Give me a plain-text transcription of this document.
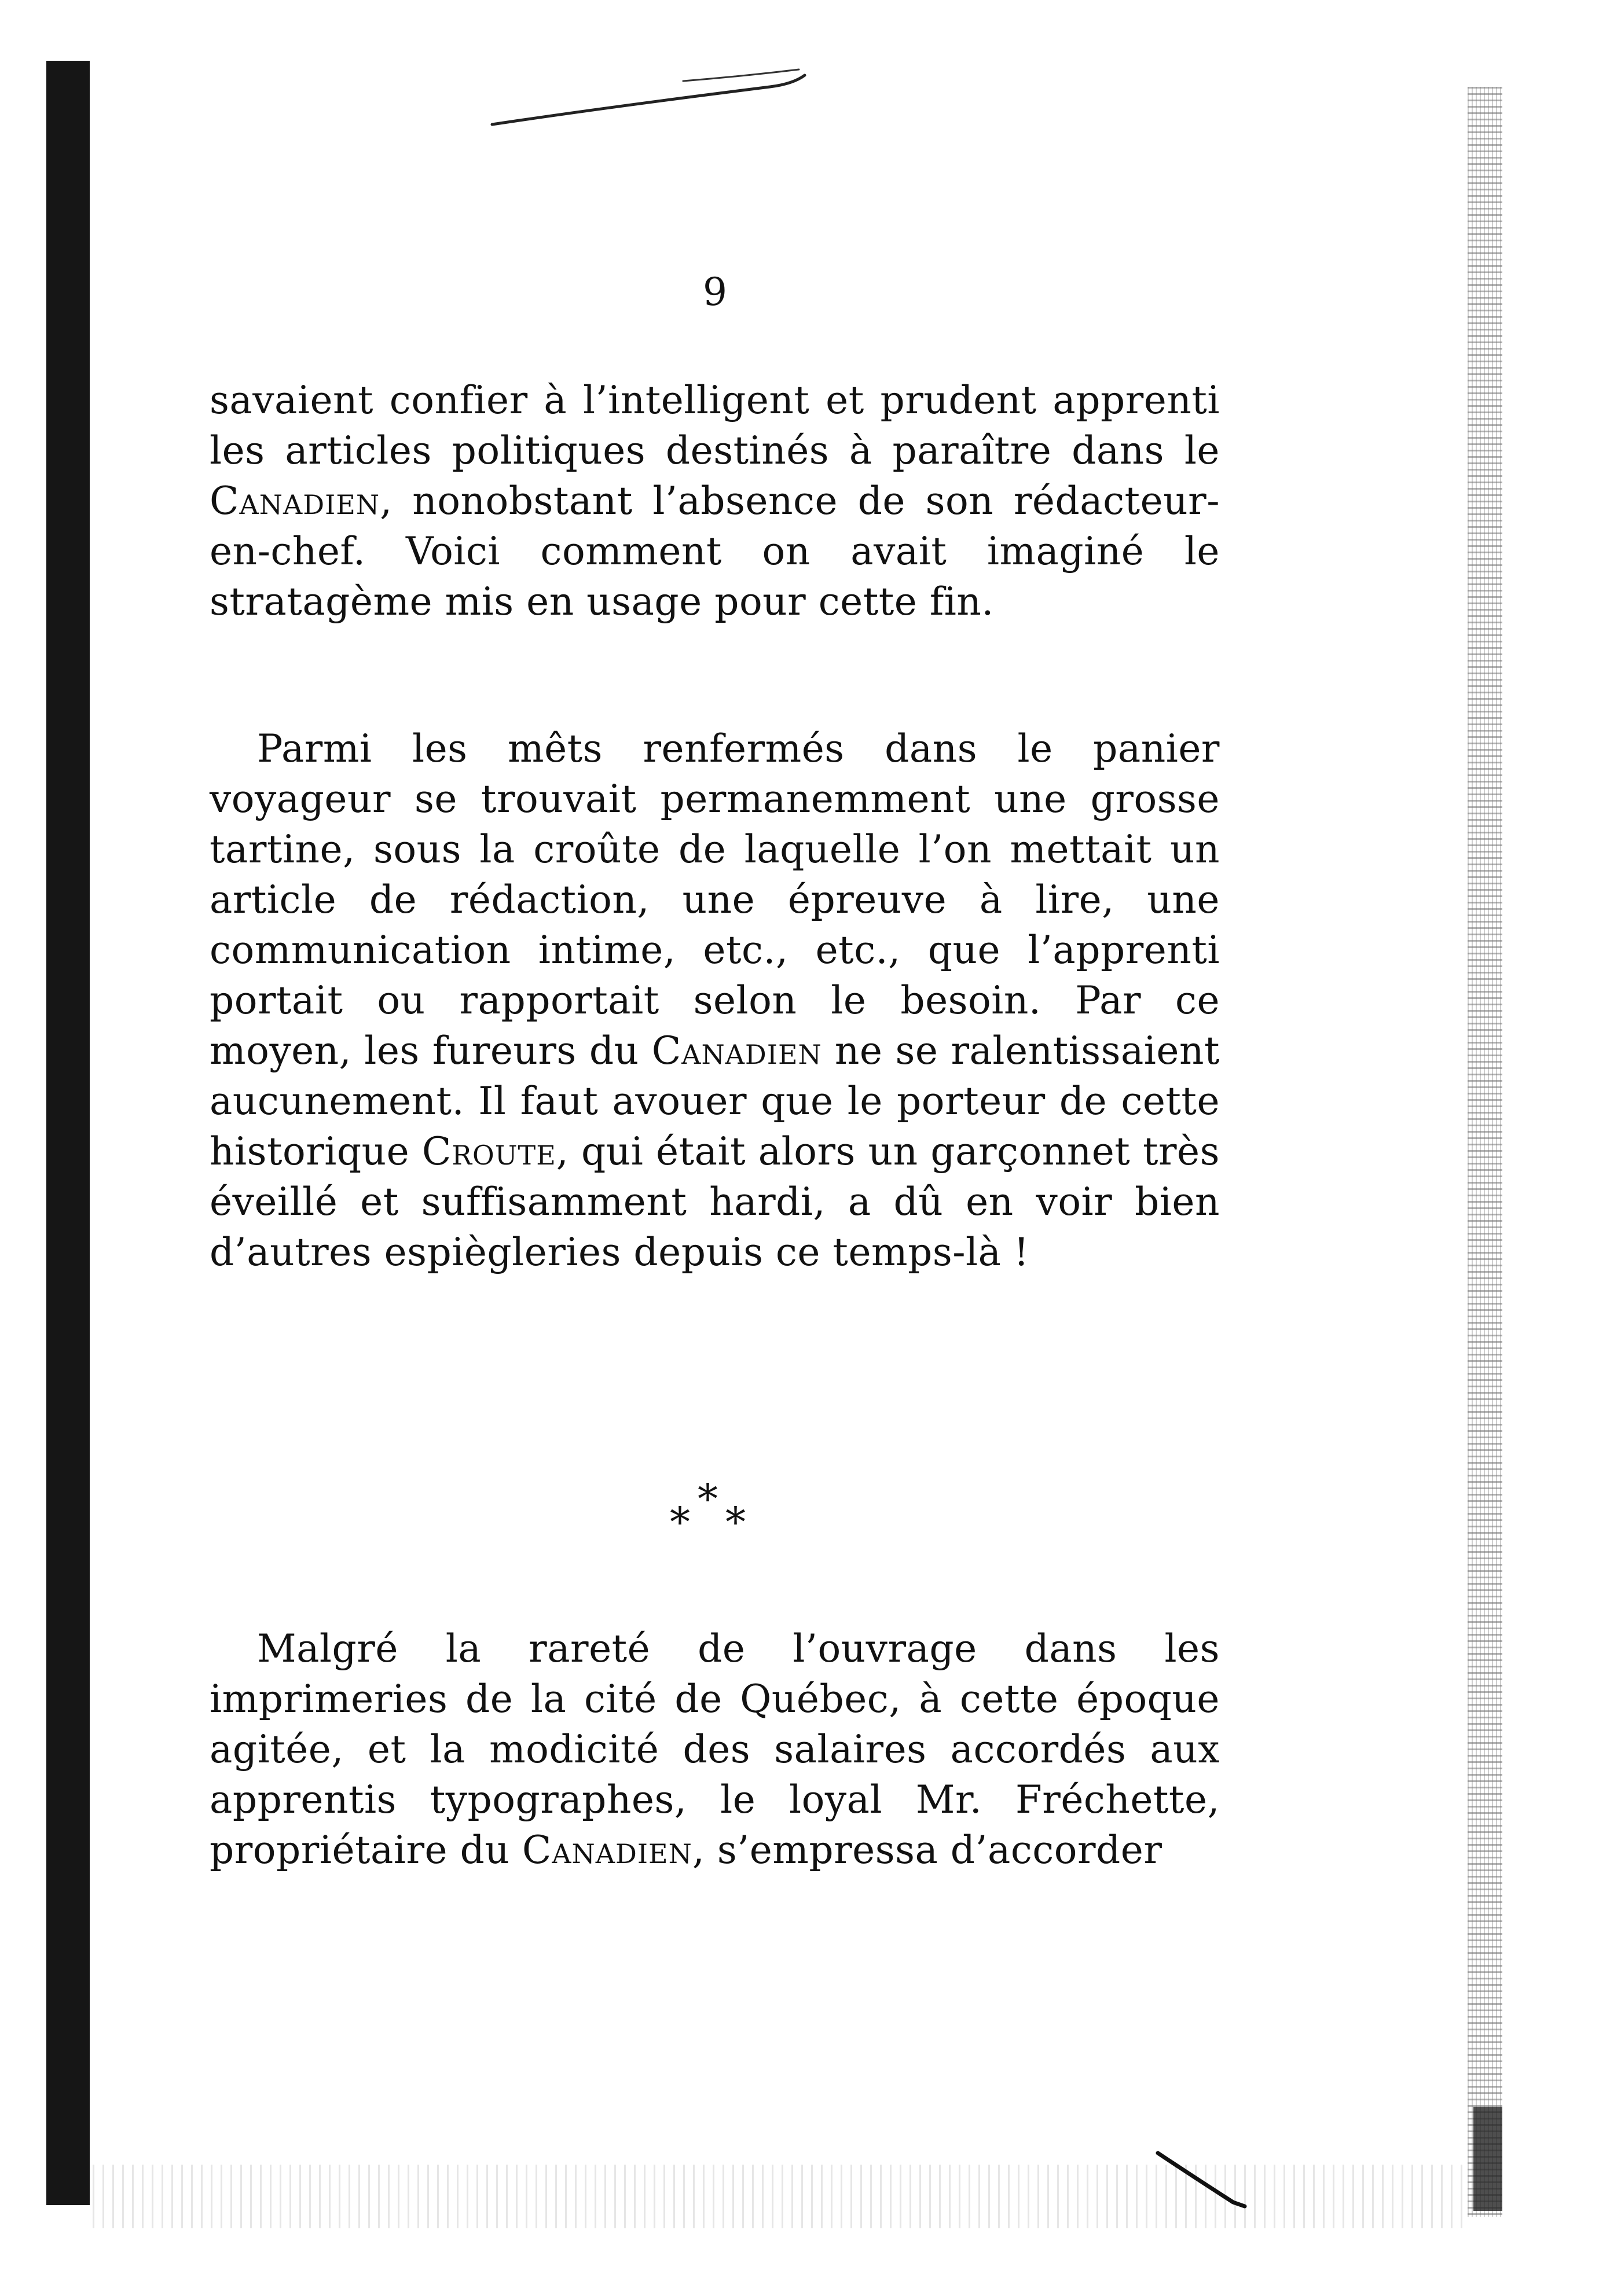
9

savaient confier à l’intelligent et prudent apprenti les articles politiques destinés à paraître dans le Canadien, nonobstant l’absence de son rédacteur-en-chef. Voici comment on avait imaginé le stratagème mis en usage pour cette fin.

Parmi les mêts renfermés dans le panier voyageur se trouvait permanemment une grosse tartine, sous la croûte de laquelle l’on mettait un article de rédaction, une épreuve à lire, une communication intime, etc., etc., que l’apprenti portait ou rapportait selon le besoin. Par ce moyen, les fureurs du Canadien ne se ralentissaient aucunement. Il faut avouer que le porteur de cette historique Croute, qui était alors un garçonnet très éveillé et suffisamment hardi, a dû en voir bien d’autres espiègleries depuis ce temps-là !

* * *

Malgré la rareté de l’ouvrage dans les imprimeries de la cité de Québec, à cette époque agitée, et la modicité des salaires accordés aux apprentis typographes, le loyal Mr. Fréchette, propriétaire du Canadien, s’empressa d’accorder
